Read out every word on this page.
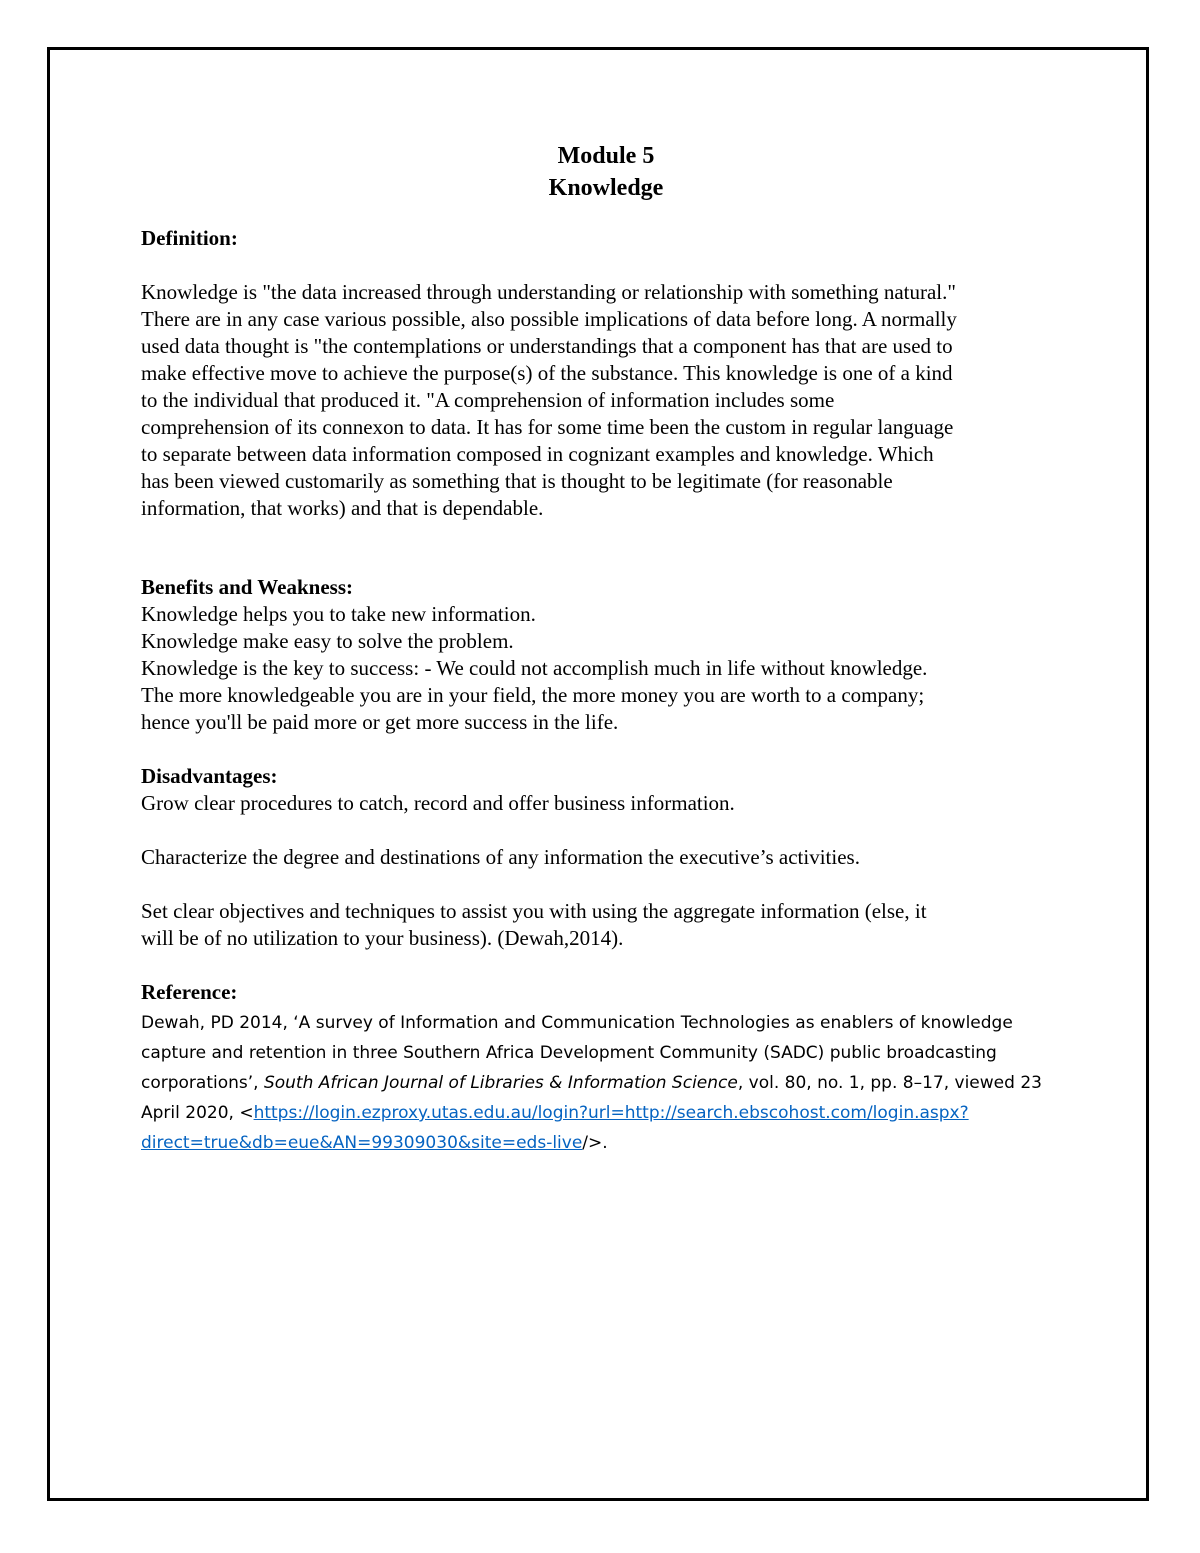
Module 5
Knowledge
Definition:
Knowledge is "the data increased through understanding or relationship with something natural."
There are in any case various possible, also possible implications of data before long. A normally
used data thought is "the contemplations or understandings that a component has that are used to
make effective move to achieve the purpose(s) of the substance. This knowledge is one of a kind
to the individual that produced it. "A comprehension of information includes some
comprehension of its connexon to data. It has for some time been the custom in regular language
to separate between data information composed in cognizant examples and knowledge. Which
has been viewed customarily as something that is thought to be legitimate (for reasonable
information, that works) and that is dependable.
Benefits and Weakness:
Knowledge helps you to take new information.
Knowledge make easy to solve the problem.
Knowledge is the key to success: - We could not accomplish much in life without knowledge.
The more knowledgeable you are in your field, the more money you are worth to a company;
hence you'll be paid more or get more success in the life.
Disadvantages:

Grow clear procedures to catch, record and offer business information.

Characterize the degree and destinations of any information the executive’s activities.

Set clear objectives and techniques to assist you with using the aggregate information (else, it
will be of no utilization to your business). (Dewah,2014).
Reference:
Dewah, PD 2014, ‘A survey of Information and Communication Technologies as enablers of knowledge capture and retention in three Southern Africa Development Community (SADC) public broadcasting corporations’, South African Journal of Libraries & Information Science, vol. 80, no. 1, pp. 8–17, viewed 23 April 2020, <https://login.ezproxy.utas.edu.au/login?url=http://search.ebscohost.com/login.aspx?direct=true&db=eue&AN=99309030&site=eds-live/>.
